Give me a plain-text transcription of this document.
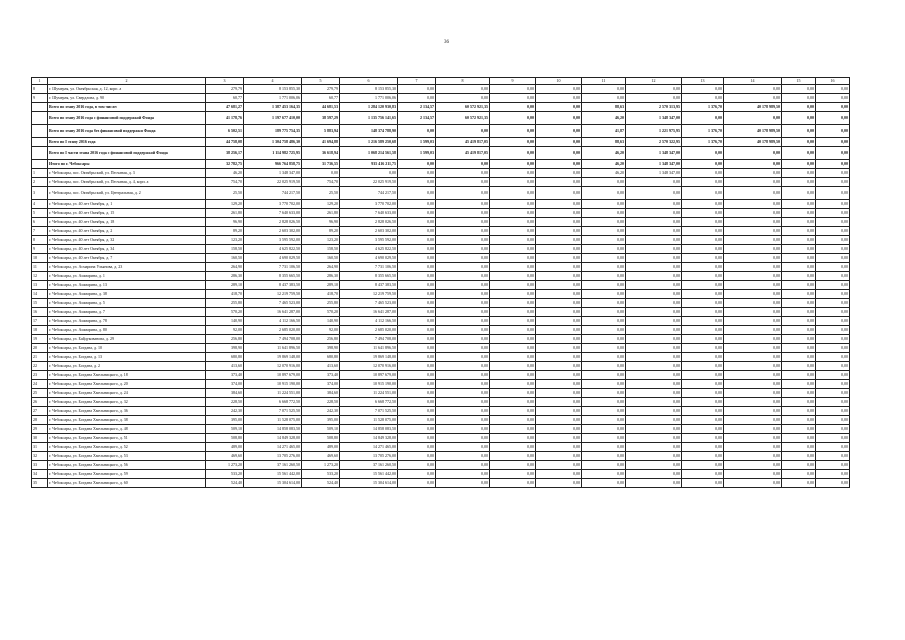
36
1	2	3	4	5	6	7	8	9	10	11	12	13	14	15	16
8	г. Шумерля, ул. Октябрьская, д. 12, корп. а	279,79	8 153 855,30	279,79	8 153 855,30	0,00	0,00	0,00	0,00	0,00	0,00	0,00	0,00	0,00	0,00
9	г. Шумерля, ул. Свердлова, д. 90	60,77	1 771 006,06	60,77	1 771 006,06	0,00	0,00	0,00	0,00	0,00	0,00	0,00	0,00	0,00	0,00
	Всего по этапу 2016 года, в том числе:	47 681,27	1 387 453 164,35	44 681,53	1 284 120 930,83	2 134,57	60 572 921,35	0,00	0,00	88,63	2 570 313,95	1 376,70	40 178 989,50	0,00	0,00
	Всего по этапу 2016 года с финансовой поддержкой Фонда	41 178,76	1 197 677 410,00	38 597,29	1 135 756 141,65	2 134,57	60 572 921,35	0,00	0,00	46,20	1 348 347,00	0,00	0,00	0,00	0,00
	Всего по этапу 2016 года без финансовой поддержки Фонда	6 502,51	189 775 754,35	5 883,94	148 374 788,90	0,00	0,00	0,00	0,00	41,87	1 221 975,95	1 376,70	40 178 989,50	0,00	0,00
	Всего по I этапу 2016 года	44 758,08	1 304 758 486,30	41 694,88	1 216 589 250,68	1 599,03	45 419 817,05	0,00	0,00	88,63	2 570 322,95	1 376,70	40 178 989,50	0,00	0,00
	Всего по I части этапа 2016 года с финансовой поддержкой Фонда	38 256,17	1 114 982 725,95	36 618,94	1 068 214 561,58	1 599,03	45 419 817,05	0,00	0,00	46,20	1 348 347,00	0,00	0,00	0,00	0,00
	Итого по г. Чебоксары	32 782,75	966 764 858,75	31 736,55	935 416 211,75	0,00	0,00	0,00	0,00	46,20	1 348 347,00	0,00	0,00	0,00	0,00
1	г. Чебоксары, пос. Октябрьский, ул. Песчаная, д. 3	46,20	1 348 347,00	0,00	0,00	0,00	0,00	0,00	0,00	46,20	1 348 347,00	0,00	0,00	0,00	0,00
2	г. Чебоксары, пос. Октябрьский, ул. Песчаная, д. 4, корп. а	754,70	22 025 919,50	754,70	22 025 919,50	0,00	0,00	0,00	0,00	0,00	0,00	0,00	0,00	0,00	0,00
3	г. Чебоксары, пос. Октябрьский, ул. Центральная, д. 2	25,50	744 217,50	25,50	744 217,50	0,00	0,00	0,00	0,00	0,00	0,00	0,00	0,00	0,00	0,00
4	г. Чебоксары, ул. 40 лет Октября, д. 1	129,20	3 770 702,00	129,20	3 770 702,00	0,00	0,00	0,00	0,00	0,00	0,00	0,00	0,00	0,00	0,00
5	г. Чебоксары, ул. 40 лет Октября, д. 15	261,80	7 640 633,00	261,80	7 640 633,00	0,00	0,00	0,00	0,00	0,00	0,00	0,00	0,00	0,00	0,00
6	г. Чебоксары, ул. 40 лет Октября, д. 18	96,90	2 828 026,50	96,90	2 828 026,50	0,00	0,00	0,00	0,00	0,00	0,00	0,00	0,00	0,00	0,00
7	г. Чебоксары, ул. 40 лет Октября, д. 2	89,20	2 603 302,00	89,20	2 603 302,00	0,00	0,00	0,00	0,00	0,00	0,00	0,00	0,00	0,00	0,00
8	г. Чебоксары, ул. 40 лет Октября, д. 32	123,20	3 595 592,00	123,20	3 595 592,00	0,00	0,00	0,00	0,00	0,00	0,00	0,00	0,00	0,00	0,00
9	г. Чебоксары, ул. 40 лет Октября, д. 34	158,50	4 625 822,50	158,50	4 625 822,50	0,00	0,00	0,00	0,00	0,00	0,00	0,00	0,00	0,00	0,00
10	г. Чебоксары, ул. 40 лет Октября, д. 7	160,50	4 690 029,50	160,50	4 690 029,50	0,00	0,00	0,00	0,00	0,00	0,00	0,00	0,00	0,00	0,00
11	г. Чебоксары, ул. Асмарина Ульянова, д. 23	264,90	7 731 106,50	264,90	7 731 106,50	0,00	0,00	0,00	0,00	0,00	0,00	0,00	0,00	0,00	0,00
12	г. Чебоксары, ул. Ашмарина, д. 1	286,30	8 355 665,50	286,30	8 355 665,50	0,00	0,00	0,00	0,00	0,00	0,00	0,00	0,00	0,00	0,00
13	г. Чебоксары, ул. Ашмарина, д. 13	289,10	8 437 383,50	289,10	8 437 383,50	0,00	0,00	0,00	0,00	0,00	0,00	0,00	0,00	0,00	0,00
14	г. Чебоксары, ул. Ашмарина, д. 38	418,70	12 219 759,50	418,70	12 219 759,50	0,00	0,00	0,00	0,00	0,00	0,00	0,00	0,00	0,00	0,00
15	г. Чебоксары, ул. Ашмарина, д. 5	255,80	7 465 523,00	255,80	7 465 523,00	0,00	0,00	0,00	0,00	0,00	0,00	0,00	0,00	0,00	0,00
16	г. Чебоксары, ул. Ашмарина, д. 7	570,20	16 641 287,00	570,20	16 641 287,00	0,00	0,00	0,00	0,00	0,00	0,00	0,00	0,00	0,00	0,00
17	г. Чебоксары, ул. Ашмарина, д. 78	140,90	4 112 166,50	140,90	4 112 166,50	0,00	0,00	0,00	0,00	0,00	0,00	0,00	0,00	0,00	0,00
18	г. Чебоксары, ул. Ашмарина, д. 80	92,00	2 685 020,00	92,00	2 685 020,00	0,00	0,00	0,00	0,00	0,00	0,00	0,00	0,00	0,00	0,00
19	г. Чебоксары, ул. Байдукованова, д. 29	256,80	7 494 708,00	256,80	7 494 708,00	0,00	0,00	0,00	0,00	0,00	0,00	0,00	0,00	0,00	0,00
20	г. Чебоксары, ул. Богдана, д. 10	398,90	11 641 896,50	398,90	11 641 896,50	0,00	0,00	0,00	0,00	0,00	0,00	0,00	0,00	0,00	0,00
21	г. Чебоксары, ул. Богдана, д. 13	680,80	19 869 148,00	680,80	19 869 148,00	0,00	0,00	0,00	0,00	0,00	0,00	0,00	0,00	0,00	0,00
22	г. Чебоксары, ул. Богдана, д. 2	413,60	12 070 916,00	413,60	12 070 916,00	0,00	0,00	0,00	0,00	0,00	0,00	0,00	0,00	0,00	0,00
23	г. Чебоксары, ул. Богдана Хмельницкого, д. 18	373,40	10 897 679,00	373,40	10 897 679,00	0,00	0,00	0,00	0,00	0,00	0,00	0,00	0,00	0,00	0,00
24	г. Чебоксары, ул. Богдана Хмельницкого, д. 20	374,00	10 915 190,00	374,00	10 915 190,00	0,00	0,00	0,00	0,00	0,00	0,00	0,00	0,00	0,00	0,00
25	г. Чебоксары, ул. Богдана Хмельницкого, д. 24	384,60	11 224 551,00	384,60	11 224 551,00	0,00	0,00	0,00	0,00	0,00	0,00	0,00	0,00	0,00	0,00
26	г. Чебоксары, ул. Богдана Хмельницкого, д. 32	228,50	6 668 772,50	228,50	6 668 772,50	0,00	0,00	0,00	0,00	0,00	0,00	0,00	0,00	0,00	0,00
27	г. Чебоксары, ул. Богдана Хмельницкого, д. 36	242,30	7 071 525,50	242,30	7 071 525,50	0,00	0,00	0,00	0,00	0,00	0,00	0,00	0,00	0,00	0,00
28	г. Чебоксары, ул. Богдана Хмельницкого, д. 38	395,00	11 528 075,00	395,00	11 528 075,00	0,00	0,00	0,00	0,00	0,00	0,00	0,00	0,00	0,00	0,00
29	г. Чебоксары, ул. Богдана Хмельницкого, д. 48	509,10	14 858 083,50	509,10	14 858 083,50	0,00	0,00	0,00	0,00	0,00	0,00	0,00	0,00	0,00	0,00
30	г. Чебоксары, ул. Богдана Хмельницкого, д. 51	508,80	14 849 328,00	508,80	14 849 328,00	0,00	0,00	0,00	0,00	0,00	0,00	0,00	0,00	0,00	0,00
31	г. Чебоксары, ул. Богдана Хмельницкого, д. 52	489,00	14 271 465,00	489,00	14 271 465,00	0,00	0,00	0,00	0,00	0,00	0,00	0,00	0,00	0,00	0,00
32	г. Чебоксары, ул. Богдана Хмельницкого, д. 53	469,60	13 705 276,00	469,60	13 705 276,00	0,00	0,00	0,00	0,00	0,00	0,00	0,00	0,00	0,00	0,00
33	г. Чебоксары, ул. Богдана Хмельницкого, д. 56	1 273,20	37 161 260,50	1 273,20	37 161 260,50	0,00	0,00	0,00	0,00	0,00	0,00	0,00	0,00	0,00	0,00
34	г. Чебоксары, ул. Богдана Хмельницкого, д. 59	533,20	15 561 442,00	533,20	15 561 442,00	0,00	0,00	0,00	0,00	0,00	0,00	0,00	0,00	0,00	0,00
35	г. Чебоксары, ул. Богдана Хмельницкого, д. 60	524,40	15 304 614,00	524,40	15 304 614,00	0,00	0,00	0,00	0,00	0,00	0,00	0,00	0,00	0,00	0,00
